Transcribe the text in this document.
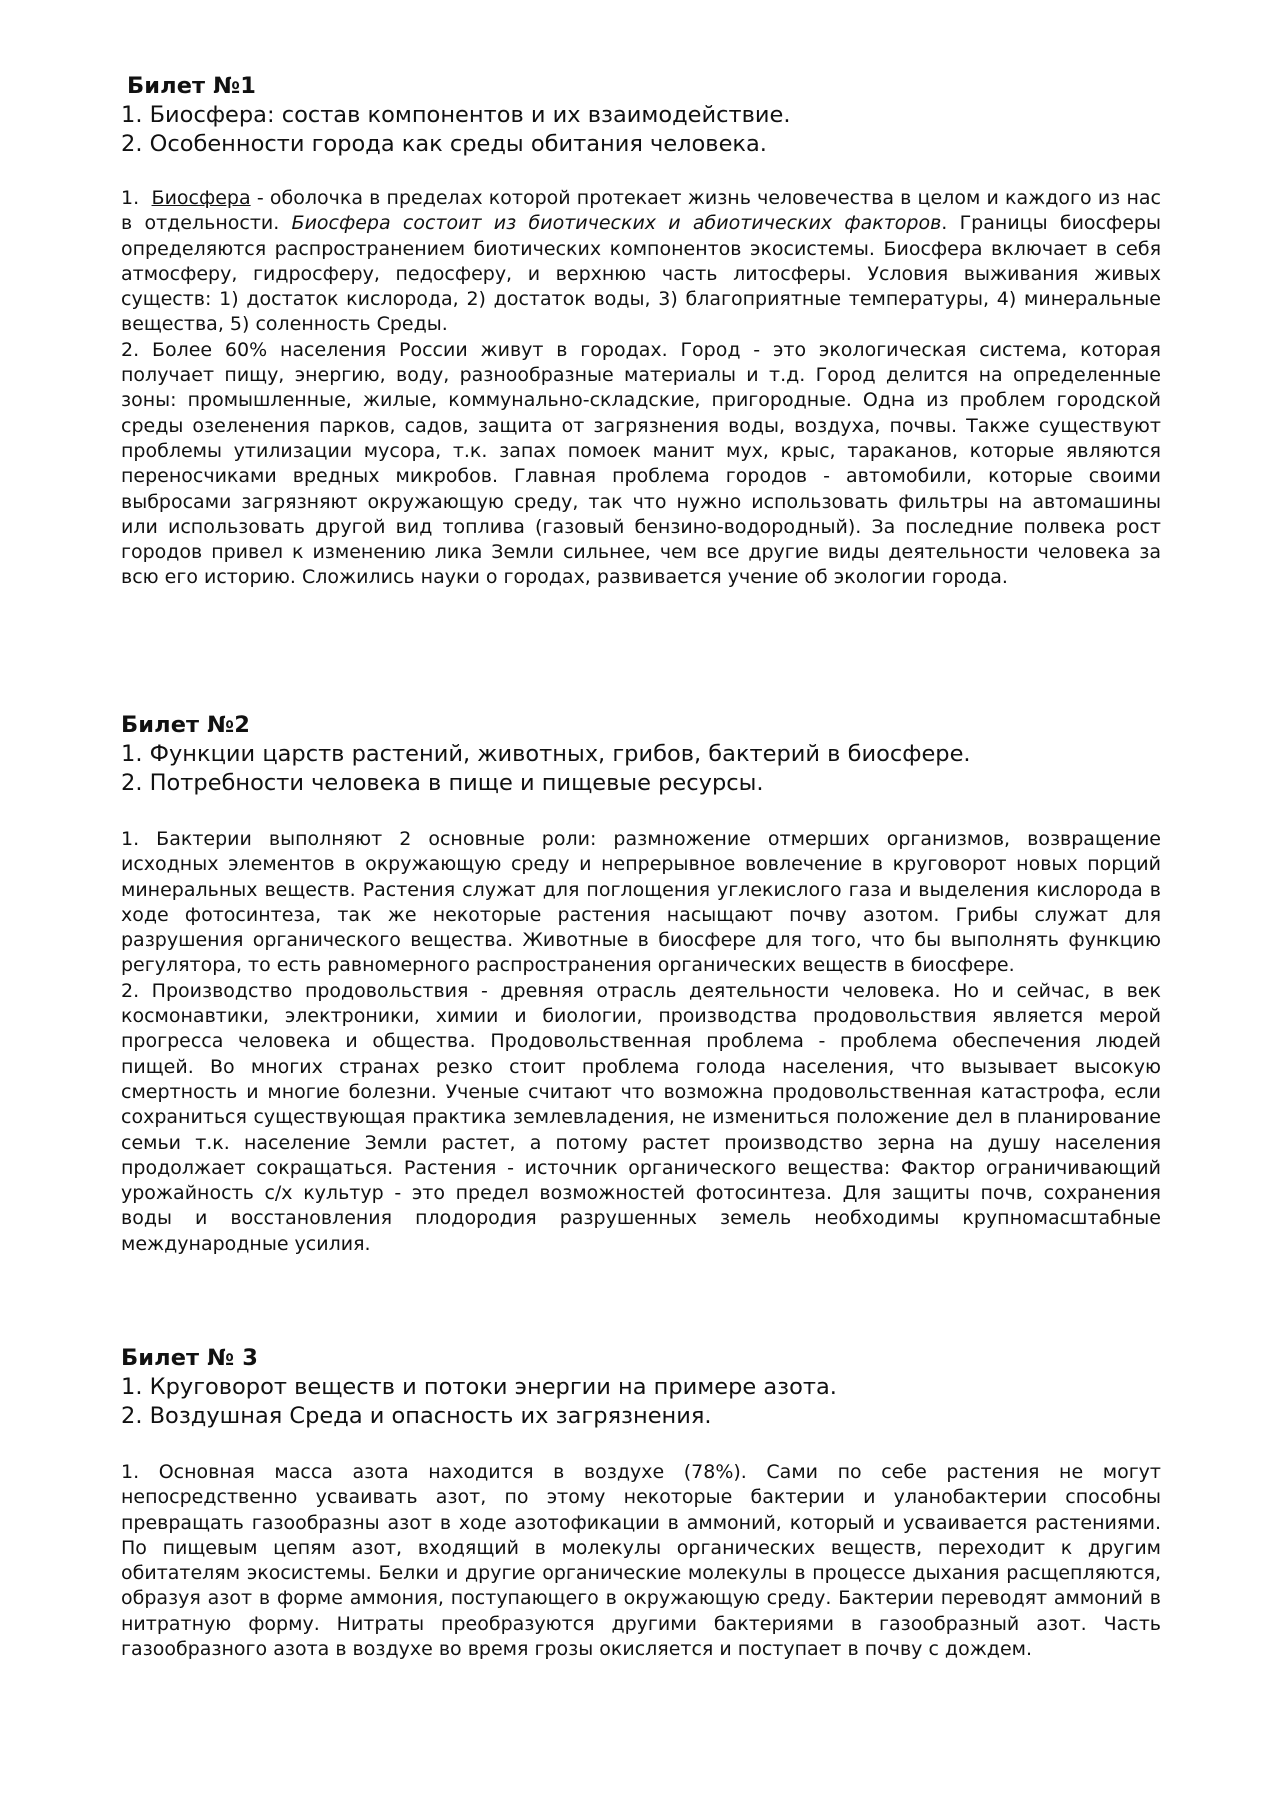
Билет №1

1. Биосфера: состав компонентов и их взаимодействие.

2. Особенности города как среды обитания человека.

1.  Биосфера - оболочка в пределах которой протекает жизнь человечества в целом и каждого из нас в отдельности. Биосфера состоит из биотических и абиотических факторов. Границы биосферы определяются распространением биотических компонентов экосистемы. Биосфера включает в себя атмосферу, гидросферу, педосферу, и верхнюю часть литосферы. Условия выживания живых существ: 1) достаток кислорода, 2) достаток воды, 3) благоприятные температуры, 4) минеральные вещества, 5) соленность Среды.

2. Более 60% населения России живут в городах. Город - это экологическая система, которая получает пищу, энергию, воду, разнообразные материалы и т.д. Город делится на определенные зоны: промышленные, жилые, коммунально-складские, пригородные. Одна из проблем городской среды озеленения парков, садов, защита от загрязнения воды, воздуха, почвы. Также существуют проблемы утилизации мусора, т.к. запах помоек манит мух, крыс, тараканов, которые являются переносчиками вредных микробов. Главная проблема городов - автомобили, которые своими выбросами загрязняют окружающую среду, так что нужно использовать фильтры на автомашины или использовать другой вид топлива (газовый бензино-водородный). За последние полвека рост городов привел к изменению лика Земли сильнее, чем все другие виды деятельности человека за всю его историю. Сложились науки о городах, развивается учение об экологии города.

Билет №2

1. Функции царств растений, животных, грибов, бактерий в биосфере.

2. Потребности человека в пище и пищевые ресурсы.

1. Бактерии выполняют 2 основные роли: размножение отмерших организмов, возвращение исходных элементов в окружающую среду и непрерывное вовлечение в круговорот новых порций минеральных веществ. Растения служат для поглощения углекислого газа и выделения кислорода в ходе фотосинтеза, так же некоторые растения насыщают почву азотом. Грибы служат для разрушения органического вещества. Животные в биосфере для того, что бы выполнять функцию регулятора, то есть равномерного распространения органических веществ в биосфере.

2. Производство продовольствия - древняя отрасль деятельности человека. Но и сейчас, в век космонавтики, электроники, химии и биологии, производства продовольствия является мерой прогресса человека и общества. Продовольственная проблема - проблема обеспечения людей пищей. Во многих странах резко стоит проблема голода населения, что вызывает высокую смертность и многие болезни. Ученые считают что возможна продовольственная катастрофа, если сохраниться существующая практика землевладения, не измениться положение дел в планирование семьи т.к. население Земли растет, а потому растет производство зерна на душу населения продолжает сокращаться. Растения - источник органического вещества: Фактор ограничивающий урожайность с/х культур - это предел возможностей фотосинтеза. Для защиты почв, сохранения воды и восстановления плодородия разрушенных земель необходимы крупномасштабные международные усилия.

Билет № 3

1. Круговорот веществ и потоки энергии на примере азота.

2. Воздушная Среда и опасность их загрязнения.

1. Основная масса азота находится в воздухе (78%). Сами по себе растения не могут непосредственно усваивать азот, по этому некоторые бактерии и уланобактерии способны превращать газообразны азот в ходе азотофикации в аммоний, который и усваивается растениями. По пищевым цепям азот, входящий в молекулы органических веществ, переходит к другим обитателям экосистемы. Белки и другие органические молекулы в процессе дыхания расщепляются, образуя азот в форме аммония, поступающего в окружающую среду. Бактерии переводят аммоний в нитратную форму. Нитраты преобразуются другими бактериями в газообразный азот. Часть газообразного азота в воздухе во время грозы окисляется и поступает в почву с дождем.
